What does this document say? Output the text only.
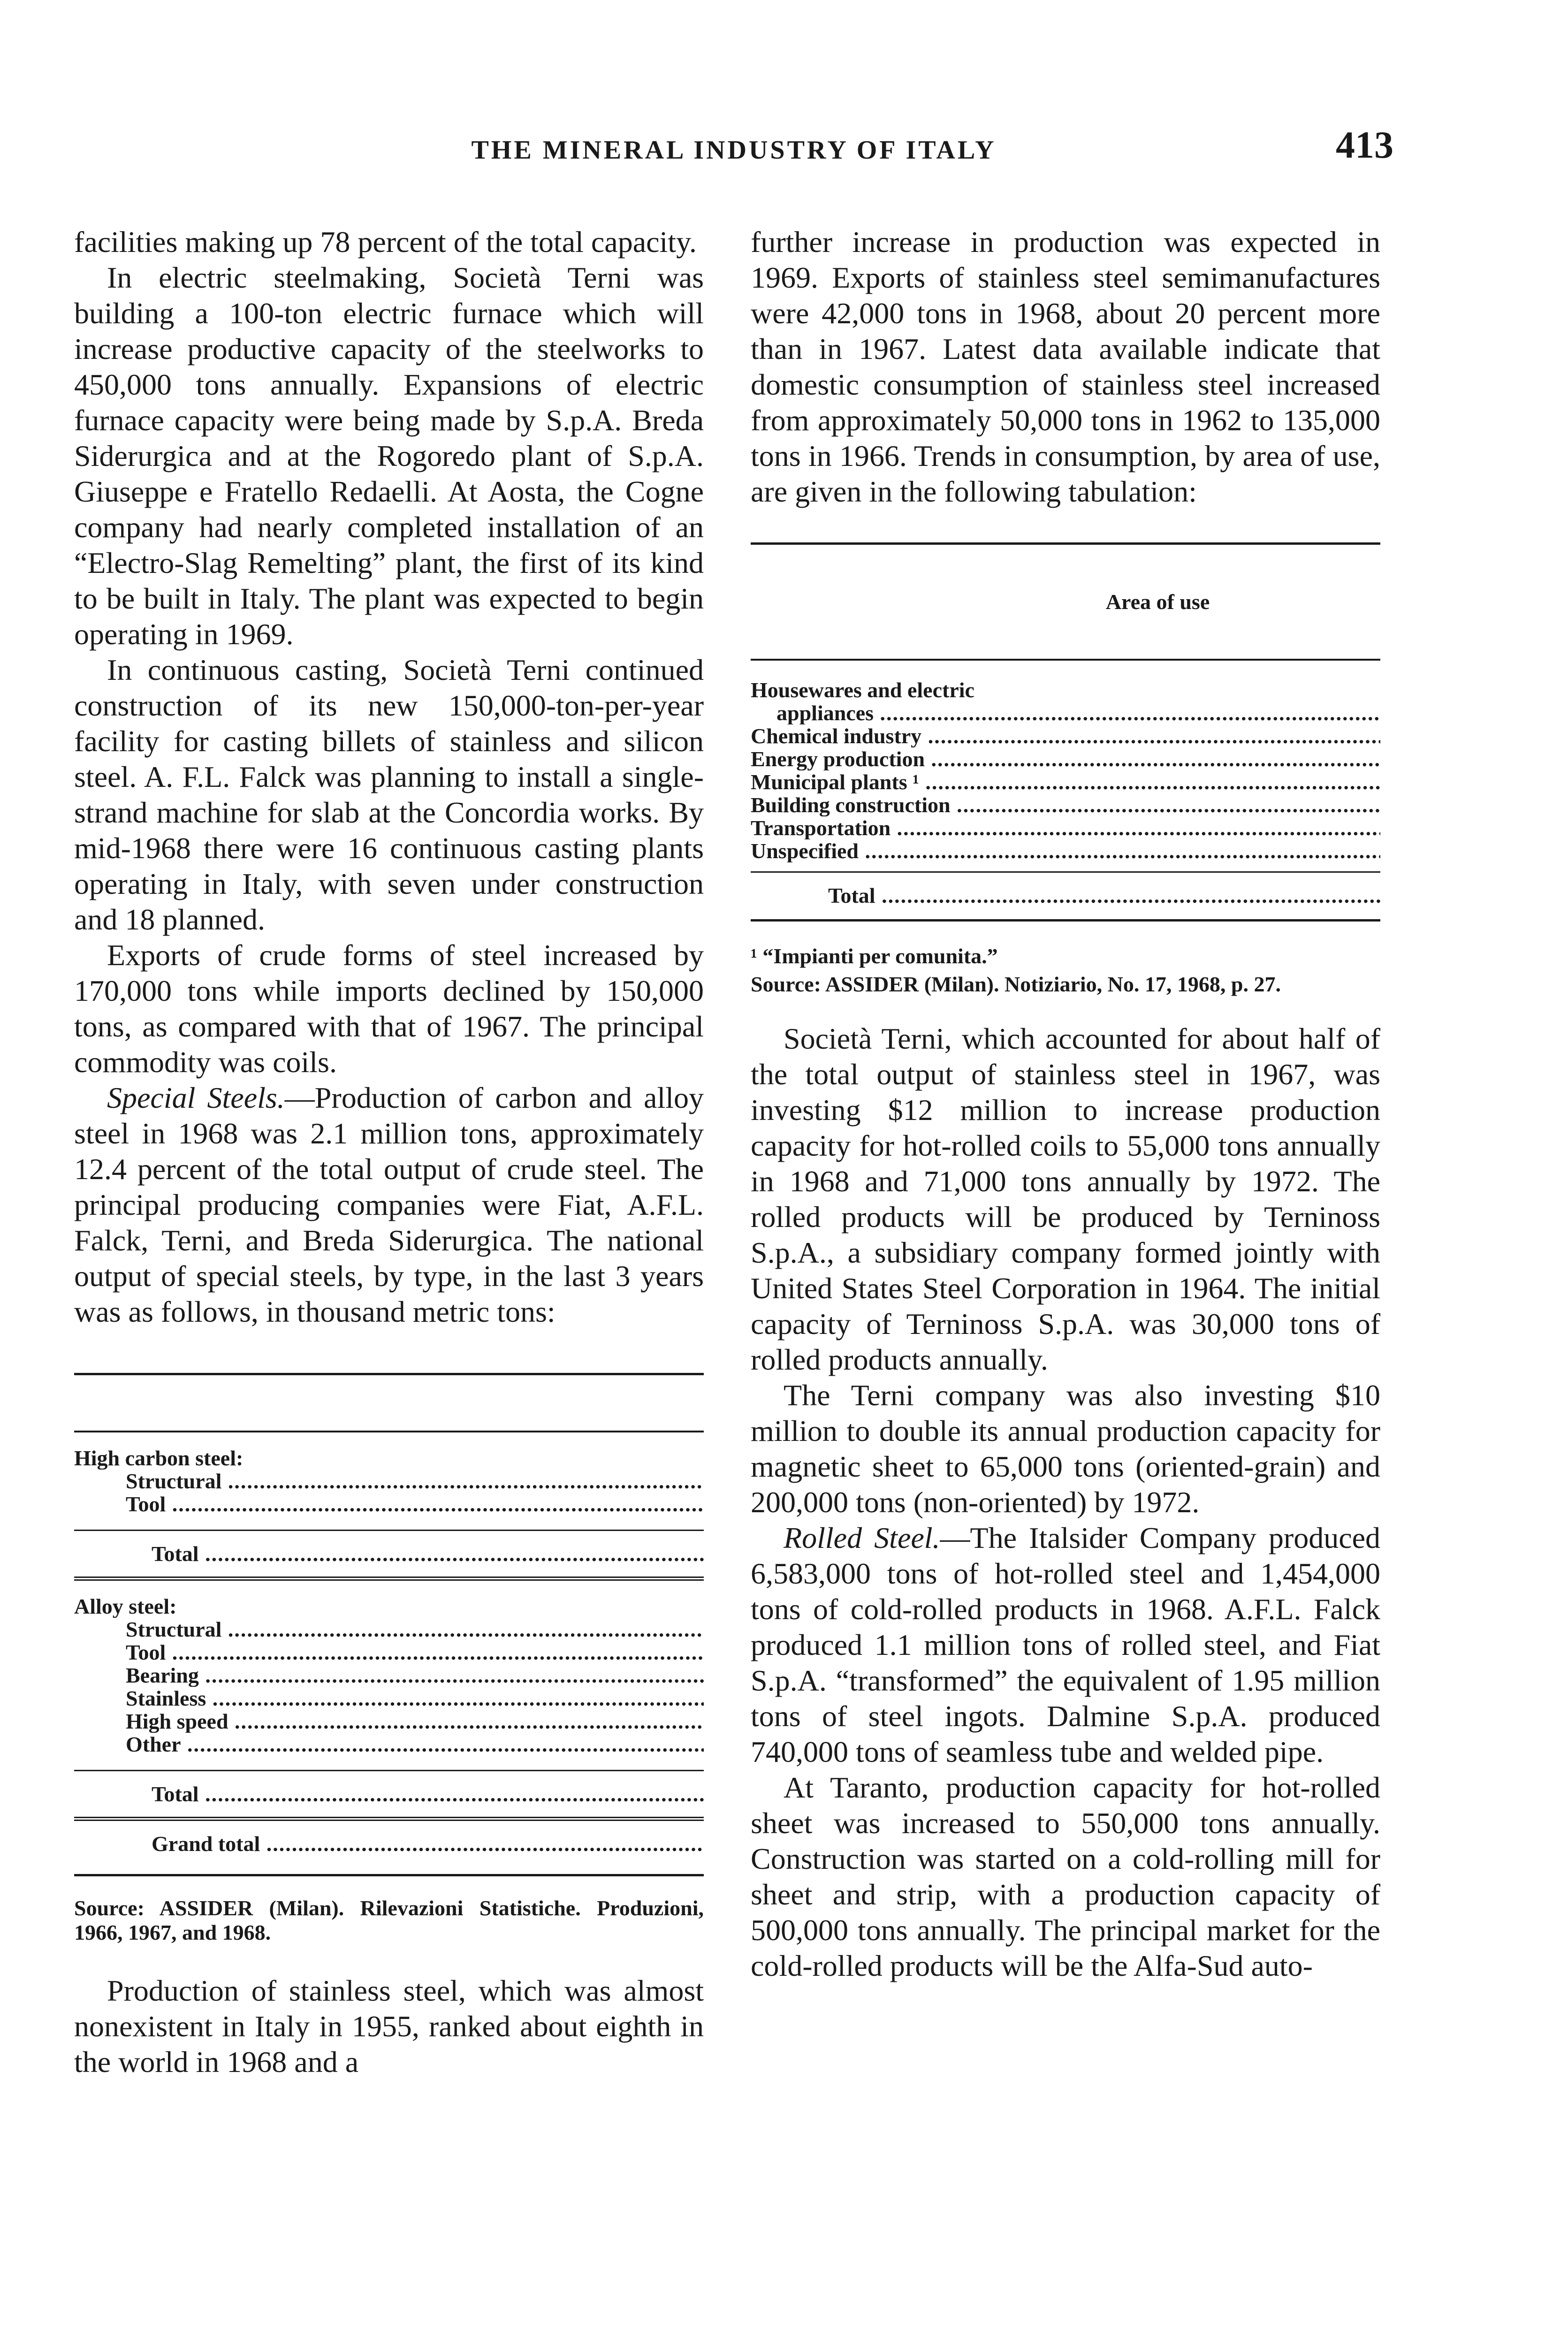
THE MINERAL INDUSTRY OF ITALY	413

facilities making up 78 percent of the total capacity.

In electric steelmaking, Società Terni was building a 100-ton electric furnace which will increase productive capacity of the steelworks to 450,000 tons annually. Expansions of electric furnace capacity were being made by S.p.A. Breda Siderurgica and at the Rogoredo plant of S.p.A. Giuseppe e Fratello Redaelli. At Aosta, the Cogne company had nearly completed installation of an “Electro-Slag Remelting” plant, the first of its kind to be built in Italy. The plant was expected to begin operating in 1969.

In continuous casting, Società Terni continued construction of its new 150,000-ton-per-year facility for casting billets of stainless and silicon steel. A. F.L. Falck was planning to install a single-strand machine for slab at the Concordia works. By mid-1968 there were 16 continuous casting plants operating in Italy, with seven under construction and 18 planned.

Exports of crude forms of steel increased by 170,000 tons while imports declined by 150,000 tons, as compared with that of 1967. The principal commodity was coils.

Special Steels.—Production of carbon and alloy steel in 1968 was 2.1 million tons, approximately 12.4 percent of the total output of crude steel. The principal producing companies were Fiat, A.F.L. Falck, Terni, and Breda Siderurgica. The national output of special steels, by type, in the last 3 years was as follows, in thousand metric tons:

High carbon steel:			
Structural .....			
Tool .....			

Total .....			

Alloy steel:			
Structural .....			
Tool .....			
Bearing .....			
Stainless .....			
High speed .....			
Other .....			

Total .....			
Grand total .....			

Source: ASSIDER (Milan). Rilevazioni Statistiche. Produzioni, 1966, 1967, and 1968.

Production of stainless steel, which was almost nonexistent in Italy in 1955, ranked about eighth in the world in 1968 and a

further increase in production was expected in 1969. Exports of stainless steel semimanufactures were 42,000 tons in 1968, about 20 percent more than in 1967. Latest data available indicate that domestic consumption of stainless steel increased from approximately 50,000 tons in 1962 to 135,000 tons in 1966. Trends in consumption, by area of use, are given in the following tabulation:

Area of use	

Housewares and electric		
appliances .....		
Chemical industry .....		
Energy production .....		
Municipal plants ¹ .....		
Building construction .....		
Transportation .....		
Unspecified .....		

Total .....		

¹ “Impianti per comunita.”

Source: ASSIDER (Milan). Notiziario, No. 17, 1968, p. 27.

Società Terni, which accounted for about half of the total output of stainless steel in 1967, was investing $12 million to increase production capacity for hot-rolled coils to 55,000 tons annually in 1968 and 71,000 tons annually by 1972. The rolled products will be produced by Terninoss S.p.A., a subsidiary company formed jointly with United States Steel Corporation in 1964. The initial capacity of Terninoss S.p.A. was 30,000 tons of rolled products annually.

The Terni company was also investing $10 million to double its annual production capacity for magnetic sheet to 65,000 tons (oriented-grain) and 200,000 tons (non-oriented) by 1972.

Rolled Steel.—The Italsider Company produced 6,583,000 tons of hot-rolled steel and 1,454,000 tons of cold-rolled products in 1968. A.F.L. Falck produced 1.1 million tons of rolled steel, and Fiat S.p.A. “transformed” the equivalent of 1.95 million tons of steel ingots. Dalmine S.p.A. produced 740,000 tons of seamless tube and welded pipe.

At Taranto, production capacity for hot-rolled sheet was increased to 550,000 tons annually. Construction was started on a cold-rolling mill for sheet and strip, with a production capacity of 500,000 tons annually. The principal market for the cold-rolled products will be the Alfa-Sud auto-
